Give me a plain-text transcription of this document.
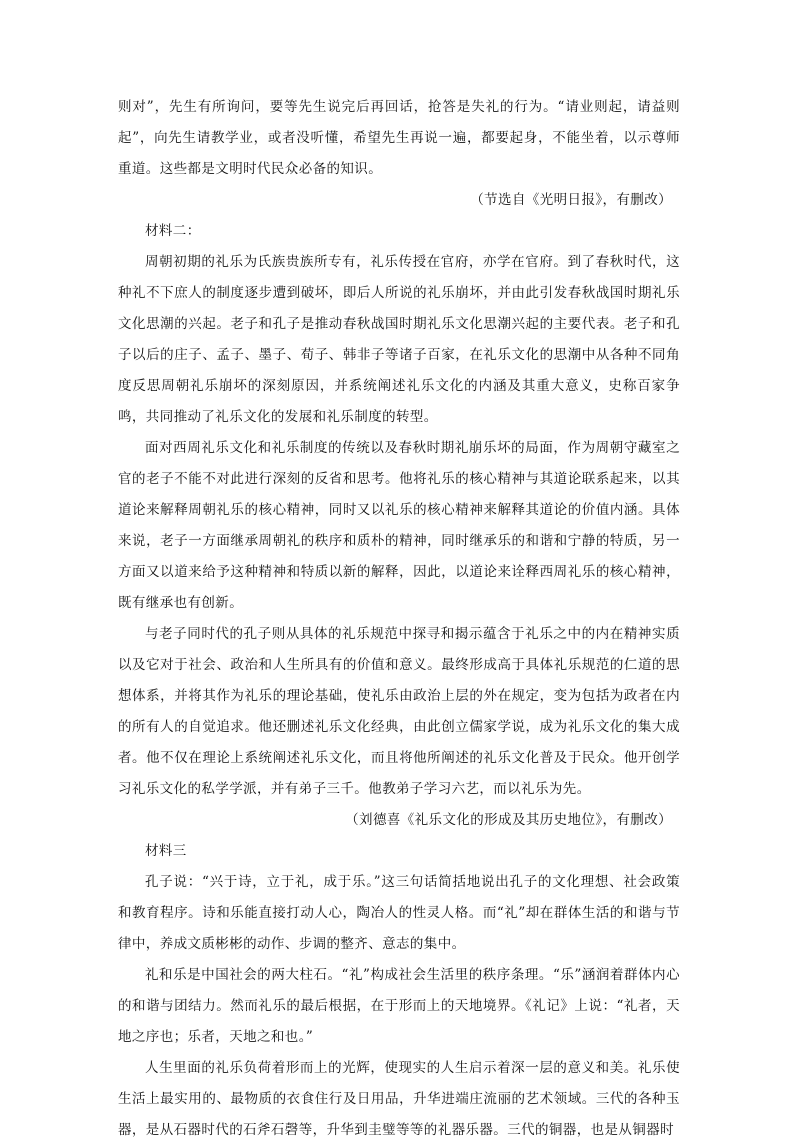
则对”，先生有所询问，要等先生说完后再回话，抢答是失礼的行为。“请业则起，请益则起”，向先生请教学业，或者没听懂，希望先生再说一遍，都要起身，不能坐着，以示尊师重道。这些都是文明时代民众必备的知识。

（节选自《光明日报》，有删改）

材料二：

周朝初期的礼乐为氏族贵族所专有，礼乐传授在官府，亦学在官府。到了春秋时代，这种礼不下庶人的制度逐步遭到破坏，即后人所说的礼乐崩坏，并由此引发春秋战国时期礼乐文化思潮的兴起。老子和孔子是推动春秋战国时期礼乐文化思潮兴起的主要代表。老子和孔子以后的庄子、孟子、墨子、荀子、韩非子等诸子百家，在礼乐文化的思潮中从各种不同角度反思周朝礼乐崩坏的深刻原因，并系统阐述礼乐文化的内涵及其重大意义，史称百家争鸣，共同推动了礼乐文化的发展和礼乐制度的转型。

面对西周礼乐文化和礼乐制度的传统以及春秋时期礼崩乐坏的局面，作为周朝守藏室之官的老子不能不对此进行深刻的反省和思考。他将礼乐的核心精神与其道论联系起来，以其道论来解释周朝礼乐的核心精神，同时又以礼乐的核心精神来解释其道论的价值内涵。具体来说，老子一方面继承周朝礼的秩序和质朴的精神，同时继承乐的和谐和宁静的特质，另一方面又以道来给予这种精神和特质以新的解释，因此，以道论来诠释西周礼乐的核心精神，既有继承也有创新。

与老子同时代的孔子则从具体的礼乐规范中探寻和揭示蕴含于礼乐之中的内在精神实质以及它对于社会、政治和人生所具有的价值和意义。最终形成高于具体礼乐规范的仁道的思想体系，并将其作为礼乐的理论基础，使礼乐由政治上层的外在规定，变为包括为政者在内的所有人的自觉追求。他还删述礼乐文化经典，由此创立儒家学说，成为礼乐文化的集大成者。他不仅在理论上系统阐述礼乐文化，而且将他所阐述的礼乐文化普及于民众。他开创学习礼乐文化的私学学派，并有弟子三千。他教弟子学习六艺，而以礼乐为先。

（刘德喜《礼乐文化的形成及其历史地位》，有删改）

材料三

孔子说：“兴于诗，立于礼，成于乐。”这三句话简括地说出孔子的文化理想、社会政策和教育程序。诗和乐能直接打动人心，陶冶人的性灵人格。而“礼”却在群体生活的和谐与节律中，养成文质彬彬的动作、步调的整齐、意志的集中。

礼和乐是中国社会的两大柱石。“礼”构成社会生活里的秩序条理。“乐”涵润着群体内心的和谐与团结力。然而礼乐的最后根据，在于形而上的天地境界。《礼记》上说：“礼者，天地之序也；乐者，天地之和也。”

人生里面的礼乐负荷着形而上的光辉，使现实的人生启示着深一层的意义和美。礼乐使生活上最实用的、最物质的衣食住行及日用品，升华进端庄流丽的艺术领域。三代的各种玉器，是从石器时代的石斧石磬等，升华到圭璧等等的礼器乐器。三代的铜器，也是从铜器时
